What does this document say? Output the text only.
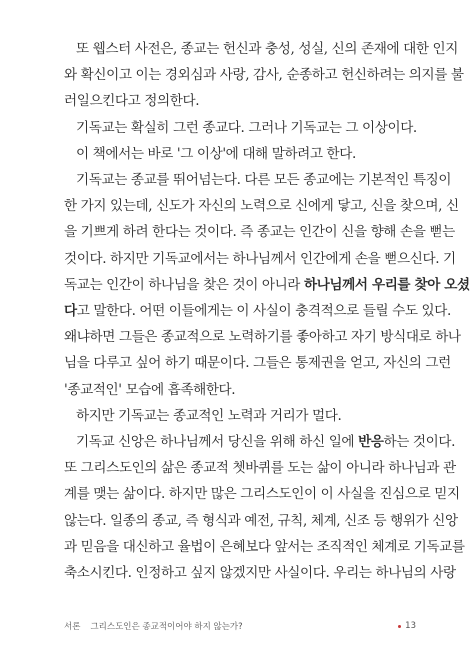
또 웹스터 사전은, 종교는 헌신과 충성, 성실, 신의 존재에 대한 인지
와 확신이고 이는 경외심과 사랑, 감사, 순종하고 헌신하려는 의지를 불
러일으킨다고 정의한다.
기독교는 확실히 그런 종교다. 그러나 기독교는 그 이상이다.
이 책에서는 바로 '그 이상'에 대해 말하려고 한다.
기독교는 종교를 뛰어넘는다. 다른 모든 종교에는 기본적인 특징이
한 가지 있는데, 신도가 자신의 노력으로 신에게 닿고, 신을 찾으며, 신
을 기쁘게 하려 한다는 것이다. 즉 종교는 인간이 신을 향해 손을 뻗는
것이다. 하지만 기독교에서는 하나님께서 인간에게 손을 뻗으신다. 기
독교는 인간이 하나님을 찾은 것이 아니라 하나님께서 우리를 찾아 오셨
다고 말한다. 어떤 이들에게는 이 사실이 충격적으로 들릴 수도 있다.
왜냐하면 그들은 종교적으로 노력하기를 좋아하고 자기 방식대로 하나
님을 다루고 싶어 하기 때문이다. 그들은 통제권을 얻고, 자신의 그런
'종교적인' 모습에 흡족해한다.
하지만 기독교는 종교적인 노력과 거리가 멀다.
기독교 신앙은 하나님께서 당신을 위해 하신 일에 반응하는 것이다.
또 그리스도인의 삶은 종교적 쳇바퀴를 도는 삶이 아니라 하나님과 관
계를 맺는 삶이다. 하지만 많은 그리스도인이 이 사실을 진심으로 믿지
않는다. 일종의 종교, 즉 형식과 예전, 규칙, 체계, 신조 등 행위가 신앙
과 믿음을 대신하고 율법이 은혜보다 앞서는 조직적인 체계로 기독교를
축소시킨다. 인정하고 싶지 않겠지만 사실이다. 우리는 하나님의 사랑
서론 그리스도인은 종교적이어야 하지 않는가?	13
